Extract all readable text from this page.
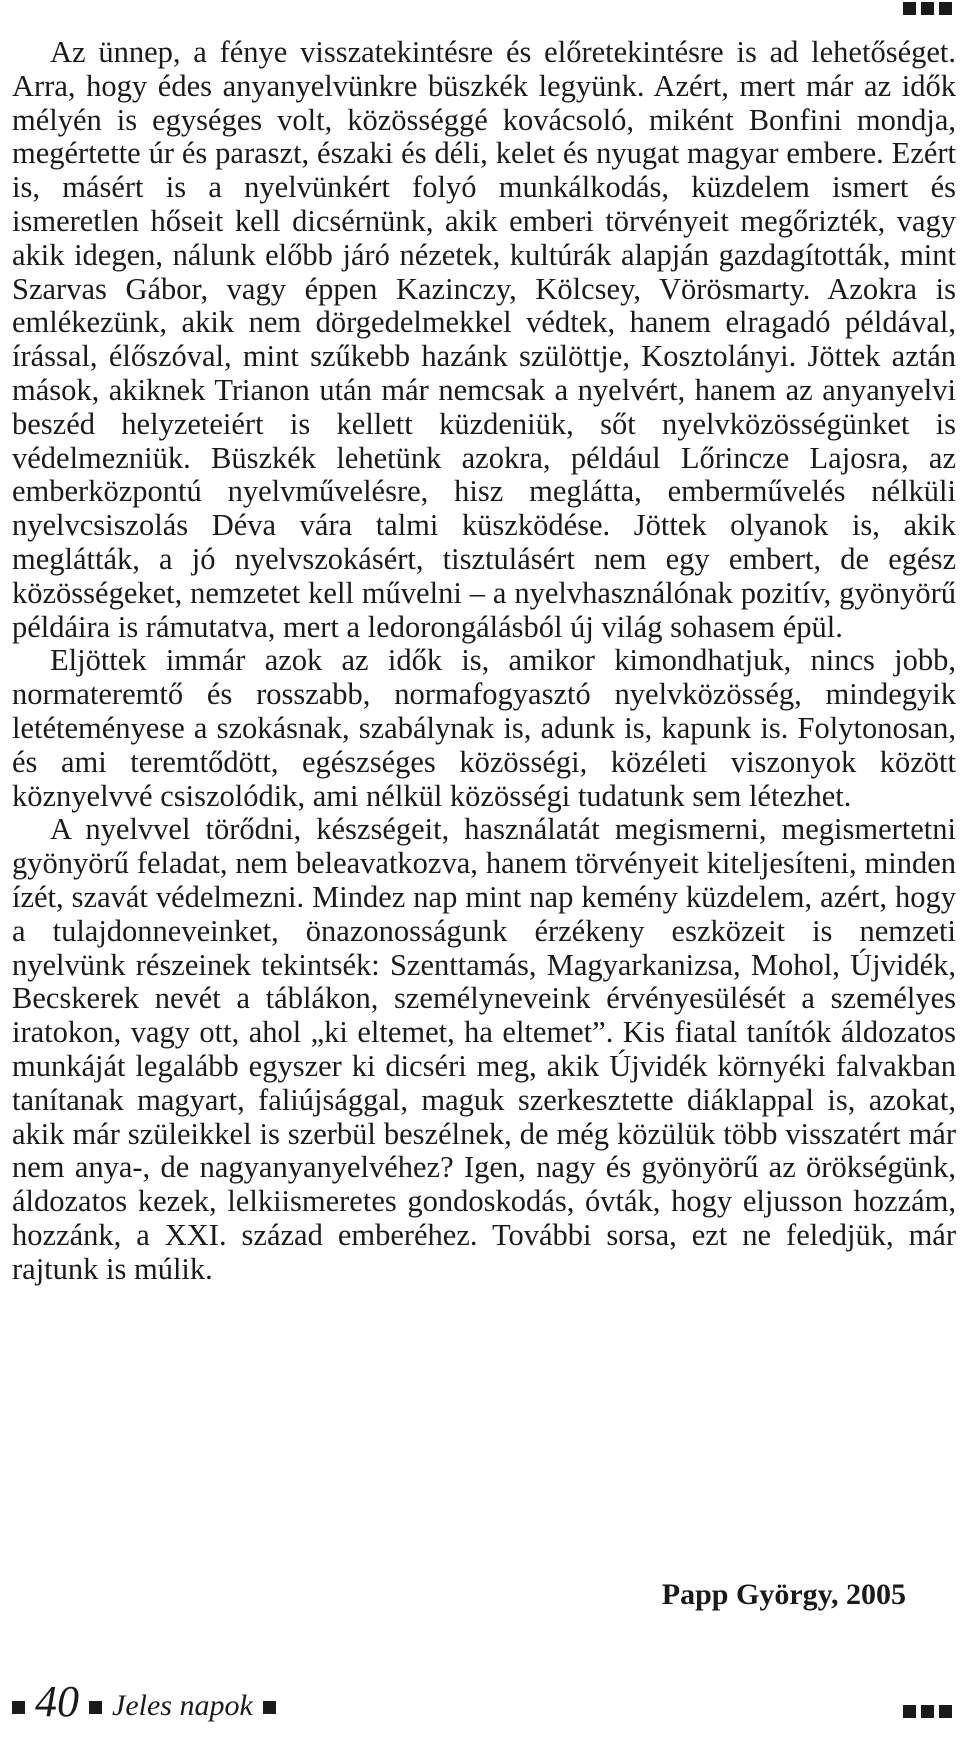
Az ünnep, a fénye visszatekintésre és előretekintésre is ad lehetőséget. Arra, hogy édes anyanyelvünkre büszkék legyünk. Azért, mert már az idők mélyén is egységes volt, közösséggé kovácsoló, miként Bonfini mondja, megértette úr és paraszt, északi és déli, kelet és nyugat magyar embere. Ezért is, másért is a nyelvünkért folyó munkálkodás, küzdelem ismert és ismeretlen hőseit kell dicsérnünk, akik emberi törvényeit megőrizték, vagy akik idegen, nálunk előbb járó nézetek, kultúrák alapján gazdagították, mint Szarvas Gábor, vagy éppen Kazinczy, Kölcsey, Vörösmarty. Azokra is emlékezünk, akik nem dörgedelmekkel védtek, hanem elragadó példával, írással, élőszóval, mint szűkebb hazánk szülöttje, Kosztolányi. Jöttek aztán mások, akiknek Trianon után már nemcsak a nyelvért, hanem az anyanyelvi beszéd helyzeteiért is kellett küzdeniük, sőt nyelvközösségünket is védelmezniük. Büszkék lehetünk azokra, például Lőrincze Lajosra, az emberközpontú nyelvművelésre, hisz meglátta, emberművelés nélküli nyelvcsiszolás Déva vára talmi küszködése. Jöttek olyanok is, akik meglátták, a jó nyelvszokásért, tisztulásért nem egy embert, de egész közösségeket, nemzetet kell művelni – a nyelvhasználónak pozitív, gyönyörű példáira is rámutatva, mert a ledorongálásból új világ sohasem épül.

Eljöttek immár azok az idők is, amikor kimondhatjuk, nincs jobb, normateremtő és rosszabb, normafogyasztó nyelvközösség, mindegyik letéteményese a szokásnak, szabálynak is, adunk is, kapunk is. Folytonosan, és ami teremtődött, egészséges közösségi, közéleti viszonyok között köznyelvvé csiszolódik, ami nélkül közösségi tudatunk sem létezhet.

A nyelvvel törődni, készségeit, használatát megismerni, megismertetni gyönyörű feladat, nem beleavatkozva, hanem törvényeit kiteljesíteni, minden ízét, szavát védelmezni. Mindez nap mint nap kemény küzdelem, azért, hogy a tulajdonneveinket, önazonosságunk érzékeny eszközeit is nemzeti nyelvünk részeinek tekintsék: Szenttamás, Magyarkanizsa, Mohol, Újvidék, Becskerek nevét a táblákon, személyneveink érvényesülését a személyes iratokon, vagy ott, ahol „ki eltemet, ha eltemet”. Kis fiatal tanítók áldozatos munkáját legalább egyszer ki dicséri meg, akik Újvidék környéki falvakban tanítanak magyart, faliújsággal, maguk szerkesztette diáklappal is, azokat, akik már szüleikkel is szerbül beszélnek, de még közülük több visszatért már nem anya-, de nagyanyanyelvéhez? Igen, nagy és gyönyörű az örökségünk, áldozatos kezek, lelkiismeretes gondoskodás, óvták, hogy eljusson hozzám, hozzánk, a XXI. század emberéhez. További sorsa, ezt ne feledjük, már rajtunk is múlik.

Papp György, 2005
40 Jeles napok
